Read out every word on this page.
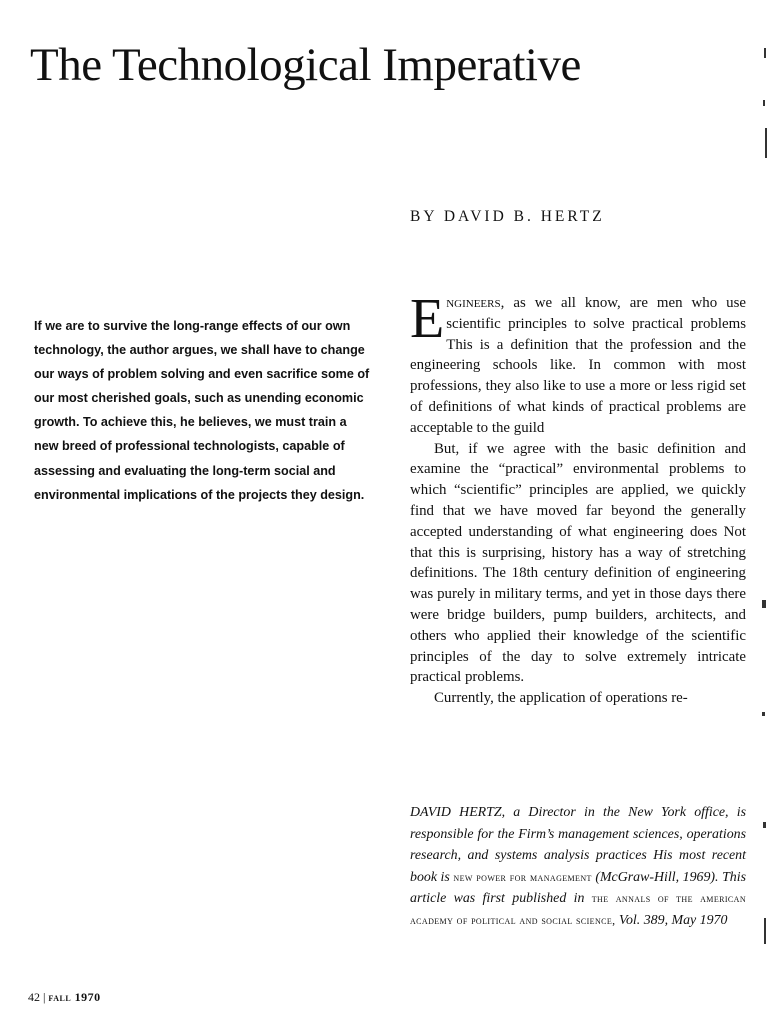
The Technological Imperative
BY DAVID B. HERTZ

If we are to survive the long-range effects of our own technology, the author argues, we shall have to change our ways of problem solving and even sacrifice some of our most cherished goals, such as unending economic growth. To achieve this, he believes, we must train a new breed of professional technologists, capable of assessing and evaluating the long-term social and environmental implications of the projects they design.

Engineers, as we all know, are men who use scientific principles to solve practical problems This is a definition that the profession and the engineering schools like. In common with most professions, they also like to use a more or less rigid set of definitions of what kinds of practical problems are acceptable to the guild

But, if we agree with the basic definition and examine the “practical” environmental problems to which “scientific” principles are applied, we quickly find that we have moved far beyond the generally accepted understanding of what engineering does Not that this is surprising, history has a way of stretching definitions. The 18th century definition of engineering was purely in military terms, and yet in those days there were bridge builders, pump builders, architects, and others who applied their knowledge of the scientific principles of the day to solve extremely intricate practical problems.

Currently, the application of operations re-

DAVID HERTZ, a Director in the New York office, is responsible for the Firm’s management sciences, operations research, and systems analysis practices His most recent book is new power for management (McGraw-Hill, 1969). This article was first published in the annals of the american academy of political and social science, Vol. 389, May 1970

42 | fall 1970
